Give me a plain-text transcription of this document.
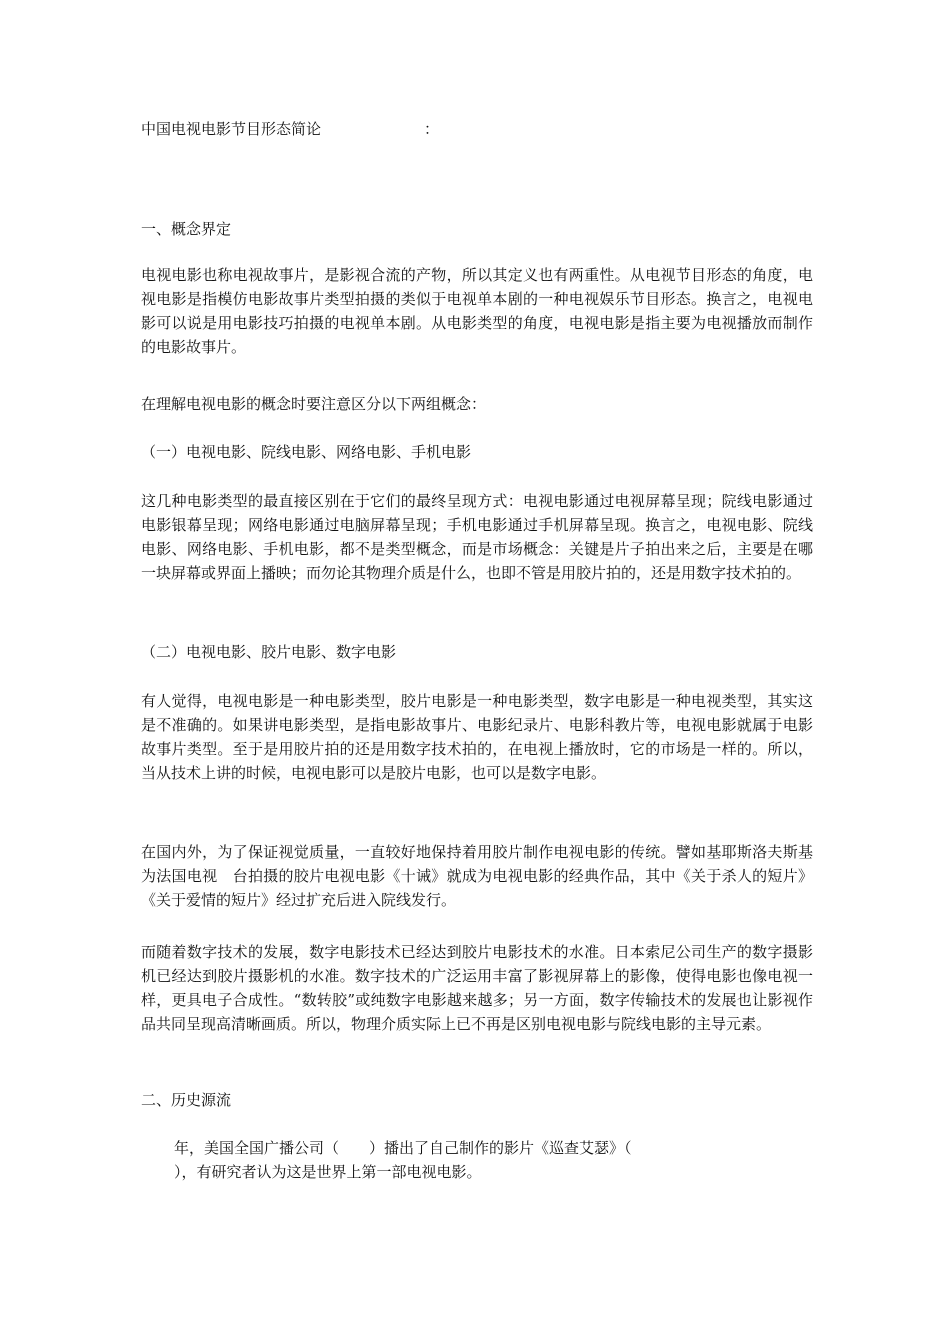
中国电视电影节目形态简论	：
一、概念界定
电视电影也称电视故事片，是影视合流的产物，所以其定义也有两重性。从电视节目形态的角度，电视电影是指模仿电影故事片类型拍摄的类似于电视单本剧的一种电视娱乐节目形态。换言之，电视电影可以说是用电影技巧拍摄的电视单本剧。从电影类型的角度，电视电影是指主要为电视播放而制作的电影故事片。
在理解电视电影的概念时要注意区分以下两组概念：
（一）电视电影、院线电影、网络电影、手机电影
这几种电影类型的最直接区别在于它们的最终呈现方式：电视电影通过电视屏幕呈现；院线电影通过电影银幕呈现；网络电影通过电脑屏幕呈现；手机电影通过手机屏幕呈现。换言之，电视电影、院线电影、网络电影、手机电影，都不是类型概念，而是市场概念：关键是片子拍出来之后，主要是在哪一块屏幕或界面上播映；而勿论其物理介质是什么，也即不管是用胶片拍的，还是用数字技术拍的。
（二）电视电影、胶片电影、数字电影
有人觉得，电视电影是一种电影类型，胶片电影是一种电影类型，数字电影是一种电视类型，其实这是不准确的。如果讲电影类型，是指电影故事片、电影纪录片、电影科教片等，电视电影就属于电影故事片类型。至于是用胶片拍的还是用数字技术拍的，在电视上播放时，它的市场是一样的。所以，当从技术上讲的时候，电视电影可以是胶片电影，也可以是数字电影。
在国内外，为了保证视觉质量，一直较好地保持着用胶片制作电视电影的传统。譬如基耶斯洛夫斯基为法国电视　台拍摄的胶片电视电影《十诫》就成为电视电影的经典作品，其中《关于杀人的短片》《关于爱情的短片》经过扩充后进入院线发行。
而随着数字技术的发展，数字电影技术已经达到胶片电影技术的水准。日本索尼公司生产的数字摄影机已经达到胶片摄影机的水准。数字技术的广泛运用丰富了影视屏幕上的影像，使得电影也像电视一样，更具电子合成性。“数转胶”或纯数字电影越来越多；另一方面，数字传输技术的发展也让影视作品共同呈现高清晰画质。所以，物理介质实际上已不再是区别电视电影与院线电影的主导元素。
二、历史源流
年，美国全国广播公司（　　）播出了自己制作的影片《巡查艾瑟》（
），有研究者认为这是世界上第一部电视电影。
